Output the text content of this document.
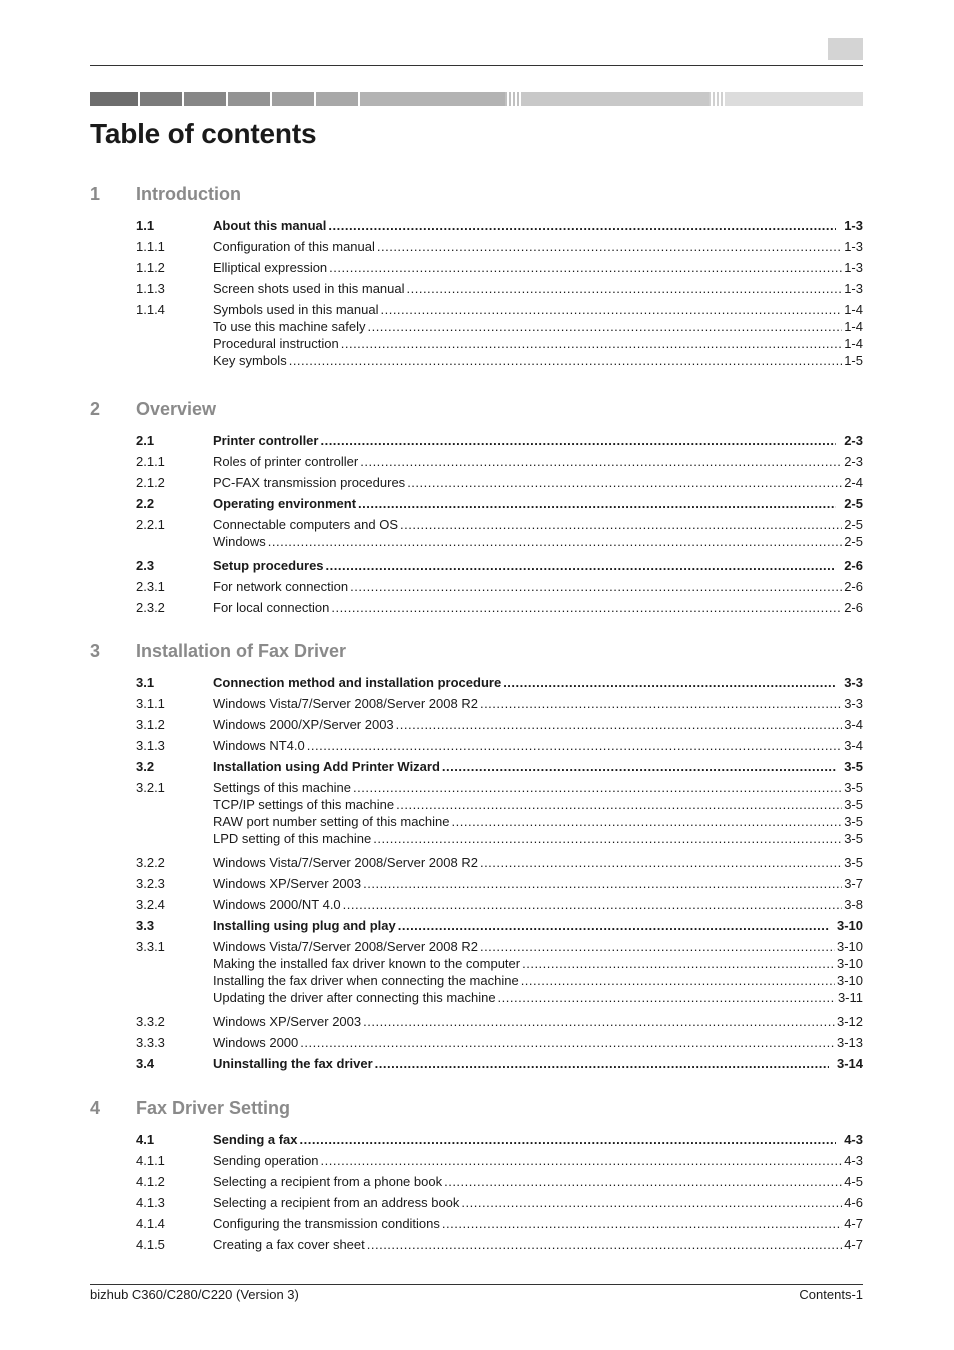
Table of contents
1	Introduction
1.1	About this manual .....	1-3
1.1.1	Configuration of this manual .....	1-3
1.1.2	Elliptical expression .....	1-3
1.1.3	Screen shots used in this manual .....	1-3
1.1.4	Symbols used in this manual .....	1-4
To use this machine safely .....	1-4
Procedural instruction .....	1-4
Key symbols .....	1-5
2	Overview
2.1	Printer controller .....	2-3
2.1.1	Roles of printer controller .....	2-3
2.1.2	PC-FAX transmission procedures .....	2-4
2.2	Operating environment .....	2-5
2.2.1	Connectable computers and OS .....	2-5
Windows .....	2-5
2.3	Setup procedures .....	2-6
2.3.1	For network connection .....	2-6
2.3.2	For local connection .....	2-6
3	Installation of Fax Driver
3.1	Connection method and installation procedure .....	3-3
3.1.1	Windows Vista/7/Server 2008/Server 2008 R2 .....	3-3
3.1.2	Windows 2000/XP/Server 2003 .....	3-4
3.1.3	Windows NT4.0 .....	3-4
3.2	Installation using Add Printer Wizard .....	3-5
3.2.1	Settings of this machine .....	3-5
TCP/IP settings of this machine .....	3-5
RAW port number setting of this machine .....	3-5
LPD setting of this machine .....	3-5
3.2.2	Windows Vista/7/Server 2008/Server 2008 R2 .....	3-5
3.2.3	Windows XP/Server 2003 .....	3-7
3.2.4	Windows 2000/NT 4.0 .....	3-8
3.3	Installing using plug and play .....	3-10
3.3.1	Windows Vista/7/Server 2008/Server 2008 R2 .....	3-10
Making the installed fax driver known to the computer .....	3-10
Installing the fax driver when connecting the machine .....	3-10
Updating the driver after connecting this machine .....	3-11
3.3.2	Windows XP/Server 2003 .....	3-12
3.3.3	Windows 2000 .....	3-13
3.4	Uninstalling the fax driver .....	3-14
4	Fax Driver Setting
4.1	Sending a fax .....	4-3
4.1.1	Sending operation .....	4-3
4.1.2	Selecting a recipient from a phone book .....	4-5
4.1.3	Selecting a recipient from an address book .....	4-6
4.1.4	Configuring the transmission conditions .....	4-7
4.1.5	Creating a fax cover sheet .....	4-7
bizhub C360/C280/C220 (Version 3)	Contents-1
